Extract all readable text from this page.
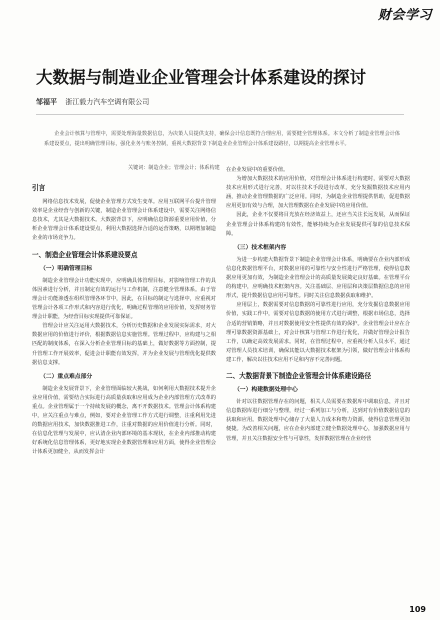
财会学习
大数据与制造业企业管理会计体系建设的探讨
邹福平 浙江毅力汽车空调有限公司

企业会计核算与管理中，需要处理海量数据信息，为决策人员提供支持，确保会计信息既符合理应用，需要健全管理体系。本文分析了制造业管理会计体系建设要点，提出明确管理目标，强化业务与账务控制，重视大数据背景下制造业企业管理会计体系建设路径，以期提高企业管理水平。

关键词：制造企业；管理会计；体系构建
引言

网络信息技术发展，促使企业管理方式发生变革。应用互联网平台提升管理效率是企业经营与创新的关键，制造企业管理会计体系建设中，需要关注网络信息技术，尤其是大数据技术。大数据背景下，应明确信息资源重要应用价值，分析企业管理会计体系建设要点，利用大数据选择合适的运营策略，以期增加制造企业的市场竞争力。

一、制造企业管理会计体系建设要点
（一）明确管理目标

制造企业管理会计功能实现中，应明确具体管理目标，对影响管理工作的具体因素进行分析，并且制定有效的运行与工作机制，注意健全管理体系。由于管理会计功能渗透在组织管理各环节中，因此，在目标的制定与选择中，应重视对管理会计各项工作形式和内容进行优化，明确过程管理的应用价值，发挥财务管理会计职能，为经营目标实现提供可靠保证。

管理会计应关注运用大数据技术，分析历史数据和企业发展实际需求，对大数据应用的价值进行评价，根据数据信息实施管理。管理过程中，应构建与之相匹配的制度体系，在深入分析企业管理目标的基础上，做好数据等方面控制，提升管理工作开展效率，促进会计职能有效发挥，并为企业发展与管理优化提供数据信息支撑。

（二）重点难点部分

制造企业发展背景下，企业管理面临较大挑战，如何利用大数据技术提升企业应用价值，需要结合实际进行高质量获取和应用成为企业内部管理方式改革的重点。企业管理属于一个持续发展的概念，离不开数据技术。管理会计体系构建中，应关注重点与难点，例如，要对企业管理工作方式进行调整，注重利用先进的数据应用技术，加快数据推进工作，注重对数据的应用价值进行分析。同时，在信息化管理与发展中，应认清企业内部环境的基本现状，在企业内部推动构建好系统化信息管理体系，更好地实现企业数据管理和应用方面，使得企业管理会计体系更加健全，从而发挥会计

在企业发展中的重要价值。

为增加大数据技术的应用价值，对管理会计体系进行构建时，需要对大数据技术应用形式进行完善，对以往技术手段进行改革，充分发掘数据技术应用内涵，推动企业管理数据的广泛应用。同时，为制造企业管理提供帮助，促进数据应用更加有效与合理，加大管理数据在企业发展中的应用价值。

因此，企业不仅要将目光放在经济效益上，还应当关注长远发展，从而保证企业管理会计体系构建的有效性，能够持续为企业发展提供可靠的信息技术保障。

（三）技术框架内容

为进一步构建大数据背景下制造企业管理会计体系，明确要在企业内部形成信息化数据管理平台，对数据应用的可靠性与安全性进行严格管理，使得信息数据应用更加有效，为制造企业管理会计的高质量发展奠定良好基础。在管理平台的构建中，应明确技术框架内容。关注基础层、应用层和决策层数据信息的应用形式，提升数据信息应用可靠性。同时关注信息数据获取和维护。

应用层上，数据需要对信息数据的可靠性进行应用，充分发掘信息数据应用价值，实践工作中，需要对信息数据的使用方式进行调整，根据市场信息，选择合适的营销策略，并且对数据使用安全性提供有效的保护。企业管理会计应在合理可靠数据资源基础上，对会计核算与管理工作进行优化，并做好管理会计报告工作，以确定高效发展需求。同时，在管理过程中，应重视分析人员水平，通过对管理人员技术培训，确保其能以大数据技术框架为引领，做好管理会计体系构建工作，解决以往技术应用不足和内容不完善问题。

二、大数据背景下制造企业管理会计体系建设路径
（一）构建数据处理中心

针对以往数据管理存在的问题，相关人员需要在数据库中调取信息，并且对信息数据库进行细分与整理，经过一系列加工与分析，达到对有价值数据信息的获取和应用。数据处理中心储存了大量人力成本和物力资源，使得信息管理更加便捷。为改善相关问题，应在企业内部建立健全数据处理中心，加强数据应用与管理，并且关注数据安全性与可靠性，发挥数据管理在企业经营

109
